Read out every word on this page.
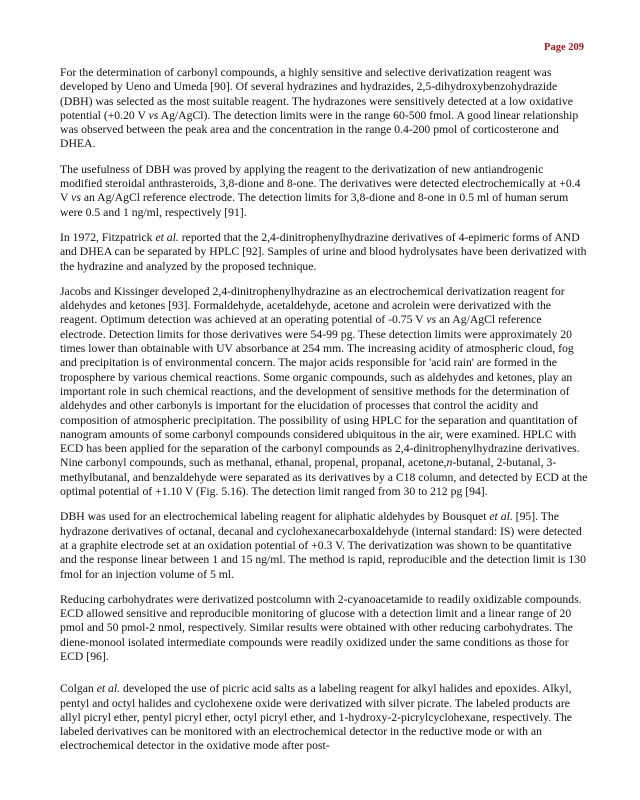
Page 209

For the determination of carbonyl compounds, a highly sensitive and selective derivatization reagent was developed by Ueno and Umeda [90]. Of several hydrazines and hydrazides, 2,5-dihydroxybenzohydrazide (DBH) was selected as the most suitable reagent. The hydrazones were sensitively detected at a low oxidative potential (+0.20 V vs Ag/AgCl). The detection limits were in the range 60-500 fmol. A good linear relationship was observed between the peak area and the concentration in the range 0.4-200 pmol of corticosterone and DHEA.

The usefulness of DBH was proved by applying the reagent to the derivatization of new antiandrogenic modified steroidal anthrasteroids, 3,8-dione and 8-one. The derivatives were detected electrochemically at +0.4 V vs an Ag/AgCl reference electrode. The detection limits for 3,8-dione and 8-one in 0.5 ml of human serum were 0.5 and 1 ng/ml, respectively [91].

In 1972, Fitzpatrick et al. reported that the 2,4-dinitrophenylhydrazine derivatives of 4-epimeric forms of AND and DHEA can be separated by HPLC [92]. Samples of urine and blood hydrolysates have been derivatized with the hydrazine and analyzed by the proposed technique.

Jacobs and Kissinger developed 2,4-dinitrophenylhydrazine as an electrochemical derivatization reagent for aldehydes and ketones [93]. Formaldehyde, acetaldehyde, acetone and acrolein were derivatized with the reagent. Optimum detection was achieved at an operating potential of -0.75 V vs an Ag/AgCl reference electrode. Detection limits for those derivatives were 54-99 pg. These detection limits were approximately 20 times lower than obtainable with UV absorbance at 254 mm. The increasing acidity of atmospheric cloud, fog and precipitation is of environmental concern. The major acids responsible for 'acid rain' are formed in the troposphere by various chemical reactions. Some organic compounds, such as aldehydes and ketones, play an important role in such chemical reactions, and the development of sensitive methods for the determination of aldehydes and other carbonyls is important for the elucidation of processes that control the acidity and composition of atmospheric precipitation. The possibility of using HPLC for the separation and quantitation of nanogram amounts of some carbonyl compounds considered ubiquitous in the air, were examined. HPLC with ECD has been applied for the separation of the carbonyl compounds as 2,4-dinitrophenylhydrazine derivatives. Nine carbonyl compounds, such as methanal, ethanal, propenal, propanal, acetone,n-butanal, 2-butanal, 3-methylbutanal, and benzaldehyde were separated as its derivatives by a C18 column, and detected by ECD at the optimal potential of +1.10 V (Fig. 5.16). The detection limit ranged from 30 to 212 pg [94].

DBH was used for an electrochemical labeling reagent for aliphatic aldehydes by Bousquet et al. [95]. The hydrazone derivatives of octanal, decanal and cyclohexanecarboxaldehyde (internal standard: IS) were detected at a graphite electrode set at an oxidation potential of +0.3 V. The derivatization was shown to be quantitative and the response linear between 1 and 15 ng/ml. The method is rapid, reproducible and the detection limit is 130 fmol for an injection volume of 5 ml.

Reducing carbohydrates were derivatized postcolumn with 2-cyanoacetamide to readily oxidizable compounds. ECD allowed sensitive and reproducible monitoring of glucose with a detection limit and a linear range of 20 pmol and 50 pmol-2 nmol, respectively. Similar results were obtained with other reducing carbohydrates. The diene-monool isolated intermediate compounds were readily oxidized under the same conditions as those for ECD [96].

Colgan et al. developed the use of picric acid salts as a labeling reagent for alkyl halides and epoxides. Alkyl, pentyl and octyl halides and cyclohexene oxide were derivatized with silver picrate. The labeled products are allyl picryl ether, pentyl picryl ether, octyl picryl ether, and 1-hydroxy-2-picrylcyclohexane, respectively. The labeled derivatives can be monitored with an electrochemical detector in the reductive mode or with an electrochemical detector in the oxidative mode after post-
